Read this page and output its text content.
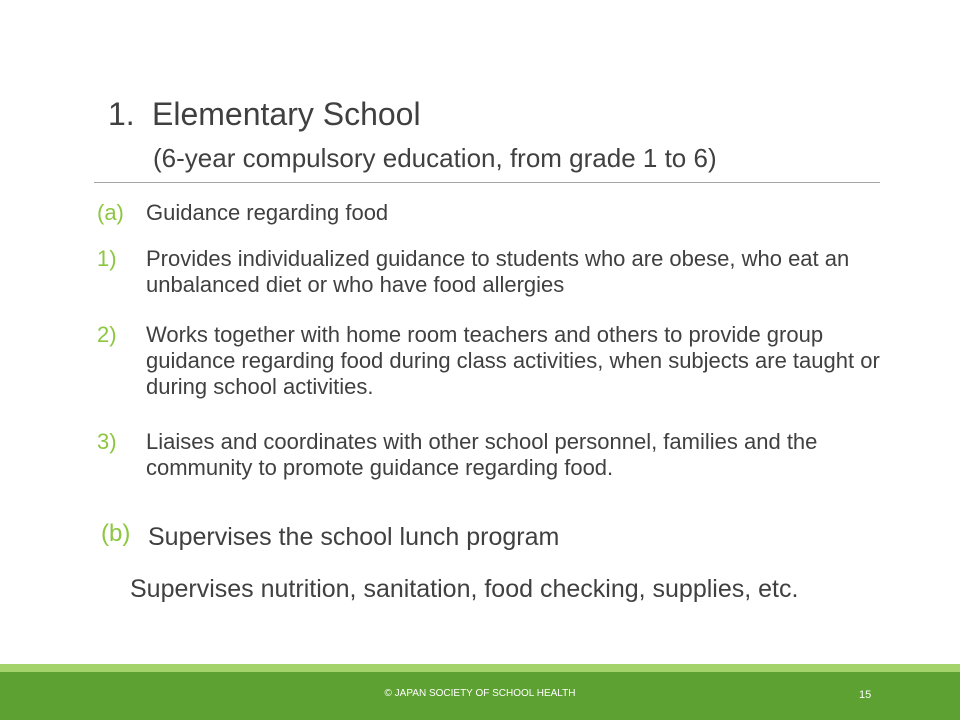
1. Elementary School
(6-year compulsory education, from grade 1 to 6)
(a) Guidance regarding food
1) Provides individualized guidance to students who are obese, who eat an unbalanced diet or who have food allergies
2) Works together with home room teachers and others to provide group guidance regarding food during class activities, when subjects are taught or during school activities.
3) Liaises and coordinates with other school personnel, families and the community to promote guidance regarding food.
(b) Supervises the school lunch program
Supervises nutrition, sanitation, food checking, supplies, etc.
© JAPAN SOCIETY OF SCHOOL HEALTH	15
